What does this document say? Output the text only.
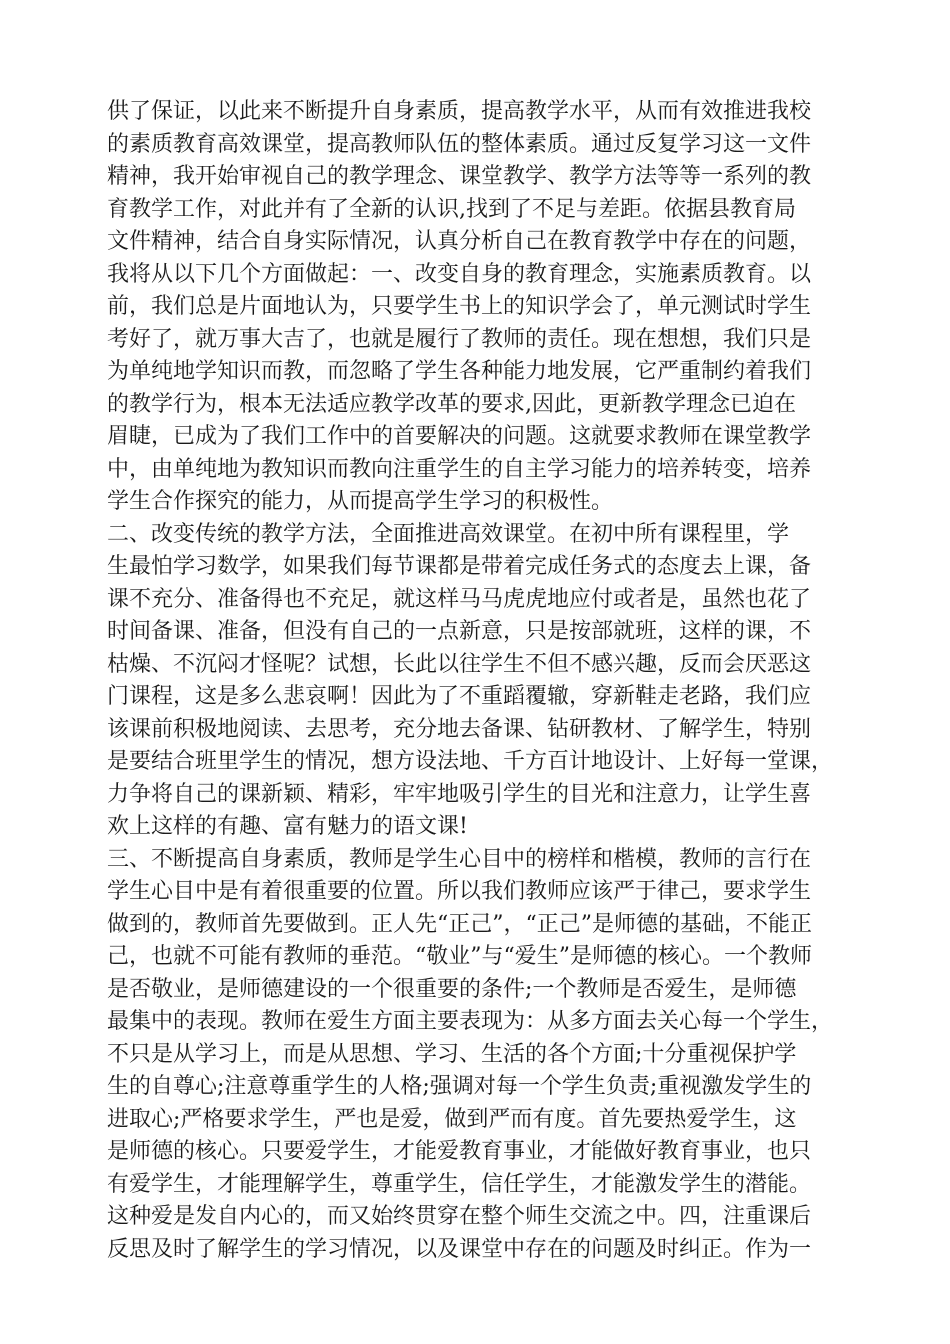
供了保证，以此来不断提升自身素质，提高教学水平，从而有效推进我校
的素质教育高效课堂，提高教师队伍的整体素质。通过反复学习这一文件
精神，我开始审视自己的教学理念、课堂教学、教学方法等等一系列的教
育教学工作，对此并有了全新的认识,找到了不足与差距。依据县教育局
文件精神，结合自身实际情况，认真分析自己在教育教学中存在的问题，
我将从以下几个方面做起：一、改变自身的教育理念，实施素质教育。以
前，我们总是片面地认为，只要学生书上的知识学会了，单元测试时学生
考好了，就万事大吉了，也就是履行了教师的责任。现在想想，我们只是
为单纯地学知识而教，而忽略了学生各种能力地发展，它严重制约着我们
的教学行为，根本无法适应教学改革的要求,因此，更新教学理念已迫在
眉睫，已成为了我们工作中的首要解决的问题。这就要求教师在课堂教学
中，由单纯地为教知识而教向注重学生的自主学习能力的培养转变，培养
学生合作探究的能力，从而提高学生学习的积极性。
二、改变传统的教学方法，全面推进高效课堂。在初中所有课程里，学
生最怕学习数学，如果我们每节课都是带着完成任务式的态度去上课，备
课不充分、准备得也不充足，就这样马马虎虎地应付或者是，虽然也花了
时间备课、准备，但没有自己的一点新意，只是按部就班，这样的课，不
枯燥、不沉闷才怪呢？试想，长此以往学生不但不感兴趣，反而会厌恶这
门课程，这是多么悲哀啊！因此为了不重蹈覆辙，穿新鞋走老路，我们应
该课前积极地阅读、去思考，充分地去备课、钻研教材、了解学生，特别
是要结合班里学生的情况，想方设法地、千方百计地设计、上好每一堂课，
力争将自己的课新颖、精彩，牢牢地吸引学生的目光和注意力，让学生喜
欢上这样的有趣、富有魅力的语文课!
三、不断提高自身素质，教师是学生心目中的榜样和楷模，教师的言行在
学生心目中是有着很重要的位置。所以我们教师应该严于律己，要求学生
做到的，教师首先要做到。正人先“正己”，“正己”是师德的基础，不能正
己，也就不可能有教师的垂范。“敬业”与“爱生”是师德的核心。一个教师
是否敬业，是师德建设的一个很重要的条件;一个教师是否爱生，是师德
最集中的表现。教师在爱生方面主要表现为：从多方面去关心每一个学生，
不只是从学习上，而是从思想、学习、生活的各个方面;十分重视保护学
生的自尊心;注意尊重学生的人格;强调对每一个学生负责;重视激发学生的
进取心;严格要求学生，严也是爱，做到严而有度。首先要热爱学生，这
是师德的核心。只要爱学生，才能爱教育事业，才能做好教育事业，也只
有爱学生，才能理解学生，尊重学生，信任学生，才能激发学生的潜能。
这种爱是发自内心的，而又始终贯穿在整个师生交流之中。四，注重课后
反思及时了解学生的学习情况，以及课堂中存在的问题及时纠正。作为一
